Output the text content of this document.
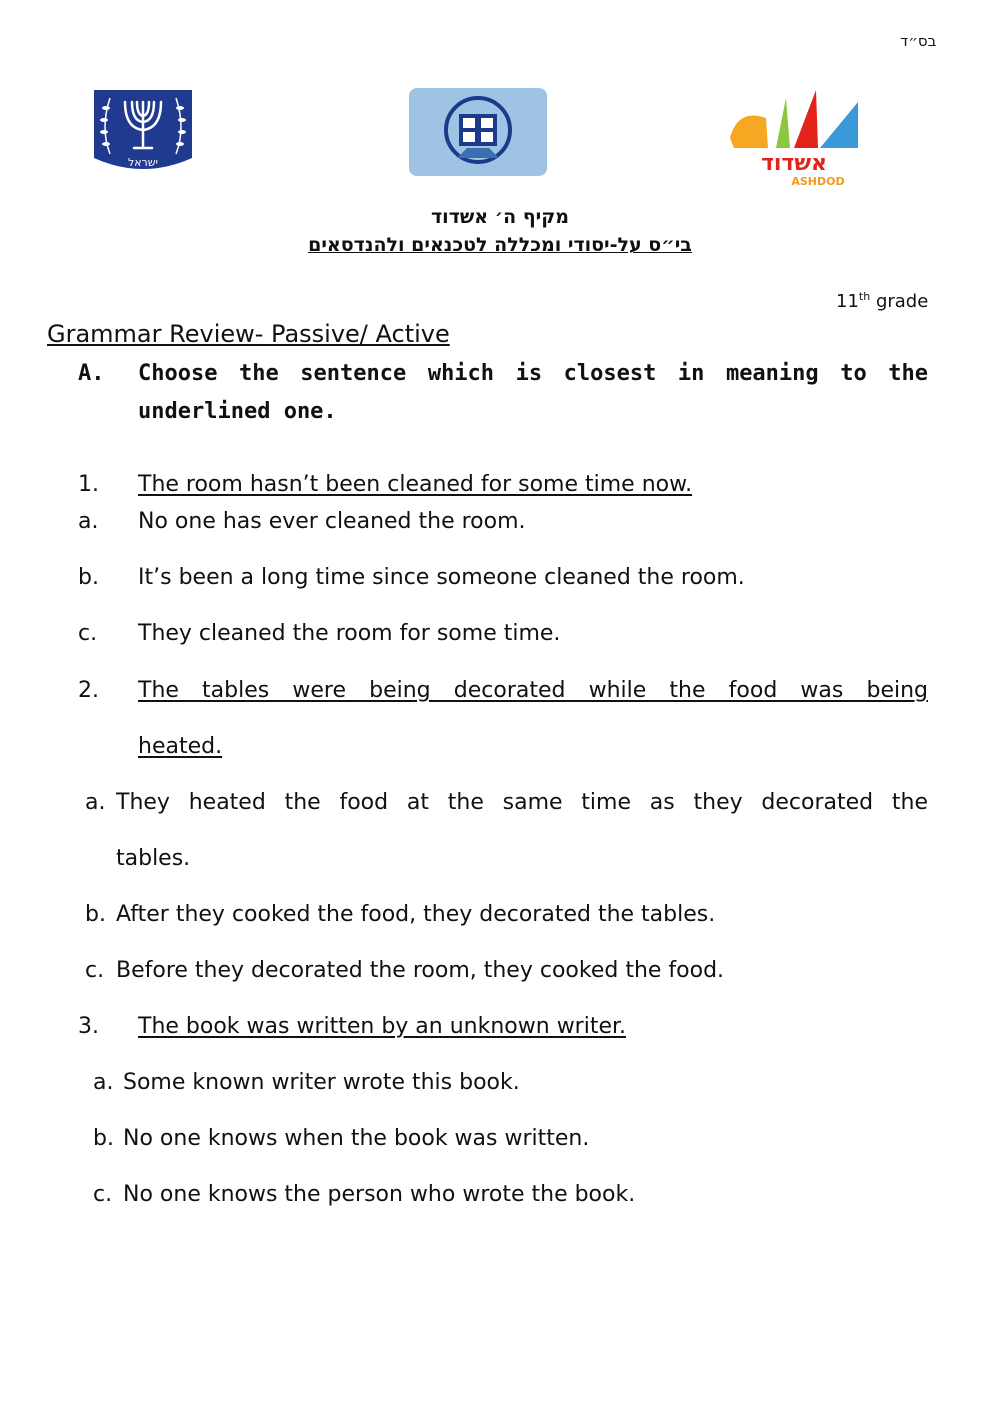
בס״ד
ישראל	אשדוד
ASHDOD
מקיף ה׳ אשדוד
בי״ס על-יסודי ומכללה לטכנאים ולהנדסאים
11th grade
Grammar Review- Passive/ Active
A. Choose the sentence which is closest in meaning to the underlined one.
1. The room hasn’t been cleaned for some time now.
a. No one has ever cleaned the room.
b. It’s been a long time since someone cleaned the room.
c. They cleaned the room for some time.
2. The tables were being decorated while the food was being
heated.
a. They heated the food at the same time as they decorated the
tables.
b. After they cooked the food, they decorated the tables.
c. Before they decorated the room, they cooked the food.
3. The book was written by an unknown writer.
a. Some known writer wrote this book.
b. No one knows when the book was written.
c. No one knows the person who wrote the book.
